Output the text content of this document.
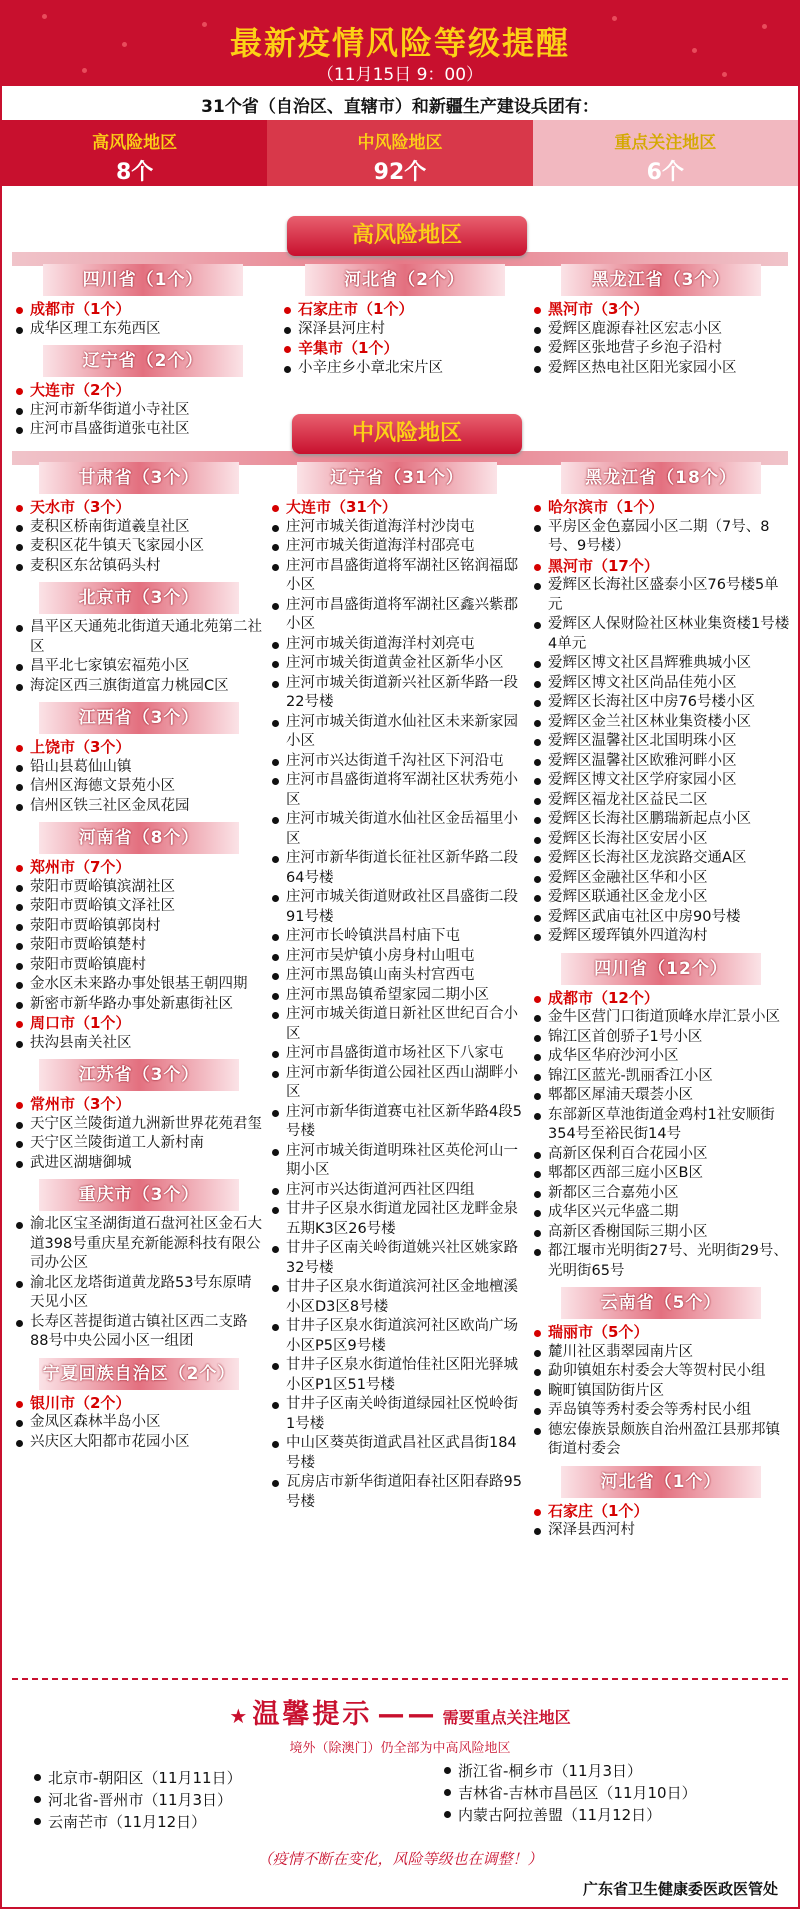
最新疫情风险等级提醒
（11月15日 9：00）
31个省（自治区、直辖市）和新疆生产建设兵团有：
高风险地区
8个
中风险地区
92个
重点关注地区
6个
高风险地区
四川省（1个）
成都市（1个）
成华区理工东苑西区
辽宁省（2个）
大连市（2个）
庄河市新华街道小寺社区
庄河市昌盛街道张屯社区
河北省（2个）
石家庄市（1个）
深泽县河庄村
辛集市（1个）
小辛庄乡小章北宋片区
黑龙江省（3个）
黑河市（3个）
爱辉区鹿源春社区宏志小区
爱辉区张地营子乡泡子沿村
爱辉区热电社区阳光家园小区
中风险地区
甘肃省（3个）
天水市（3个）
麦积区桥南街道羲皇社区
麦积区花牛镇天飞家园小区
麦积区东岔镇码头村
北京市（3个）
昌平区天通苑北街道天通北苑第二社区
昌平北七家镇宏福苑小区
海淀区西三旗街道富力桃园C区
江西省（3个）
上饶市（3个）
铅山县葛仙山镇
信州区海德文景苑小区
信州区铁三社区金凤花园
河南省（8个）
郑州市（7个）
荥阳市贾峪镇滨湖社区
荥阳市贾峪镇文泽社区
荥阳市贾峪镇郭岗村
荥阳市贾峪镇楚村
荥阳市贾峪镇鹿村
金水区未来路办事处银基王朝四期
新密市新华路办事处新惠街社区
周口市（1个）
扶沟县南关社区
江苏省（3个）
常州市（3个）
天宁区兰陵街道九洲新世界花苑君玺
天宁区兰陵街道工人新村南
武进区湖塘御城
重庆市（3个）
渝北区宝圣湖街道石盘河社区金石大道398号重庆星充新能源科技有限公司办公区
渝北区龙塔街道黄龙路53号东原晴天见小区
长寿区菩提街道古镇社区西二支路88号中央公园小区一组团
宁夏回族自治区（2个）
银川市（2个）
金凤区森林半岛小区
兴庆区大阳都市花园小区
辽宁省（31个）
大连市（31个）
庄河市城关街道海洋村沙岗屯
庄河市城关街道海洋村邵亮屯
庄河市昌盛街道将军湖社区铭润福邸小区
庄河市昌盛街道将军湖社区鑫兴紫郡小区
庄河市城关街道海洋村刘亮屯
庄河市城关街道黄金社区新华小区
庄河市城关街道新兴社区新华路一段22号楼
庄河市城关街道水仙社区未来新家园小区
庄河市兴达街道千沟社区下河沿屯
庄河市昌盛街道将军湖社区状秀苑小区
庄河市城关街道水仙社区金岳福里小区
庄河市新华街道长征社区新华路二段64号楼
庄河市城关街道财政社区昌盛街二段91号楼
庄河市长岭镇洪昌村庙下屯
庄河市吴炉镇小房身村山咀屯
庄河市黑岛镇山南头村宫西屯
庄河市黑岛镇希望家园二期小区
庄河市城关街道日新社区世纪百合小区
庄河市昌盛街道市场社区下八家屯
庄河市新华街道公园社区西山湖畔小区
庄河市新华街道赛屯社区新华路4段5号楼
庄河市城关街道明珠社区英伦河山一期小区
庄河市兴达街道河西社区四组
甘井子区泉水街道龙园社区龙畔金泉五期K3区26号楼
甘井子区南关岭街道姚兴社区姚家路32号楼
甘井子区泉水街道滨河社区金地檀溪小区D3区8号楼
甘井子区泉水街道滨河社区欧尚广场小区P5区9号楼
甘井子区泉水街道怡佳社区阳光驿城小区P1区51号楼
甘井子区南关岭街道绿园社区悦岭街1号楼
中山区葵英街道武昌社区武昌街184号楼
瓦房店市新华街道阳春社区阳春路95号楼
黑龙江省（18个）
哈尔滨市（1个）
平房区金色嘉园小区二期（7号、8号、9号楼）
黑河市（17个）
爱辉区长海社区盛泰小区76号楼5单元
爱辉区人保财险社区林业集资楼1号楼4单元
爱辉区博文社区昌辉雅典城小区
爱辉区博文社区尚品佳苑小区
爱辉区长海社区中房76号楼小区
爱辉区金兰社区林业集资楼小区
爱辉区温馨社区北国明珠小区
爱辉区温馨社区欧雅河畔小区
爱辉区博文社区学府家园小区
爱辉区福龙社区益民二区
爱辉区长海社区鹏瑞新起点小区
爱辉区长海社区安居小区
爱辉区长海社区龙滨路交通A区
爱辉区金融社区华和小区
爱辉区联通社区金龙小区
爱辉区武庙屯社区中房90号楼
爱辉区瑷珲镇外四道沟村
四川省（12个）
成都市（12个）
金牛区营门口街道顶峰水岸汇景小区
锦江区首创骄子1号小区
成华区华府沙河小区
锦江区蓝光-凯丽香江小区
郫都区犀浦天環荟小区
东部新区草池街道金鸡村1社安顺街354号至裕民街14号
高新区保利百合花园小区
郫都区西部三庭小区B区
新都区三合嘉苑小区
成华区兴元华盛二期
高新区香榭国际三期小区
都江堰市光明街27号、光明街29号、光明街65号
云南省（5个）
瑞丽市（5个）
麓川社区翡翠园南片区
勐卯镇姐东村委会大等贺村民小组
畹町镇国防街片区
弄岛镇等秀村委会等秀村民小组
德宏傣族景颇族自治州盈江县那邦镇街道村委会
河北省（1个）
石家庄（1个）
深泽县西河村
★ 温馨提示 —— 需要重点关注地区
境外（除澳门）仍全部为中高风险地区
北京市-朝阳区（11月11日）
河北省-晋州市（11月3日）
云南芒市（11月12日）
浙江省-桐乡市（11月3日）
吉林省-吉林市昌邑区（11月10日）
内蒙古阿拉善盟（11月12日）
（疫情不断在变化，风险等级也在调整！）
广东省卫生健康委医政医管处
